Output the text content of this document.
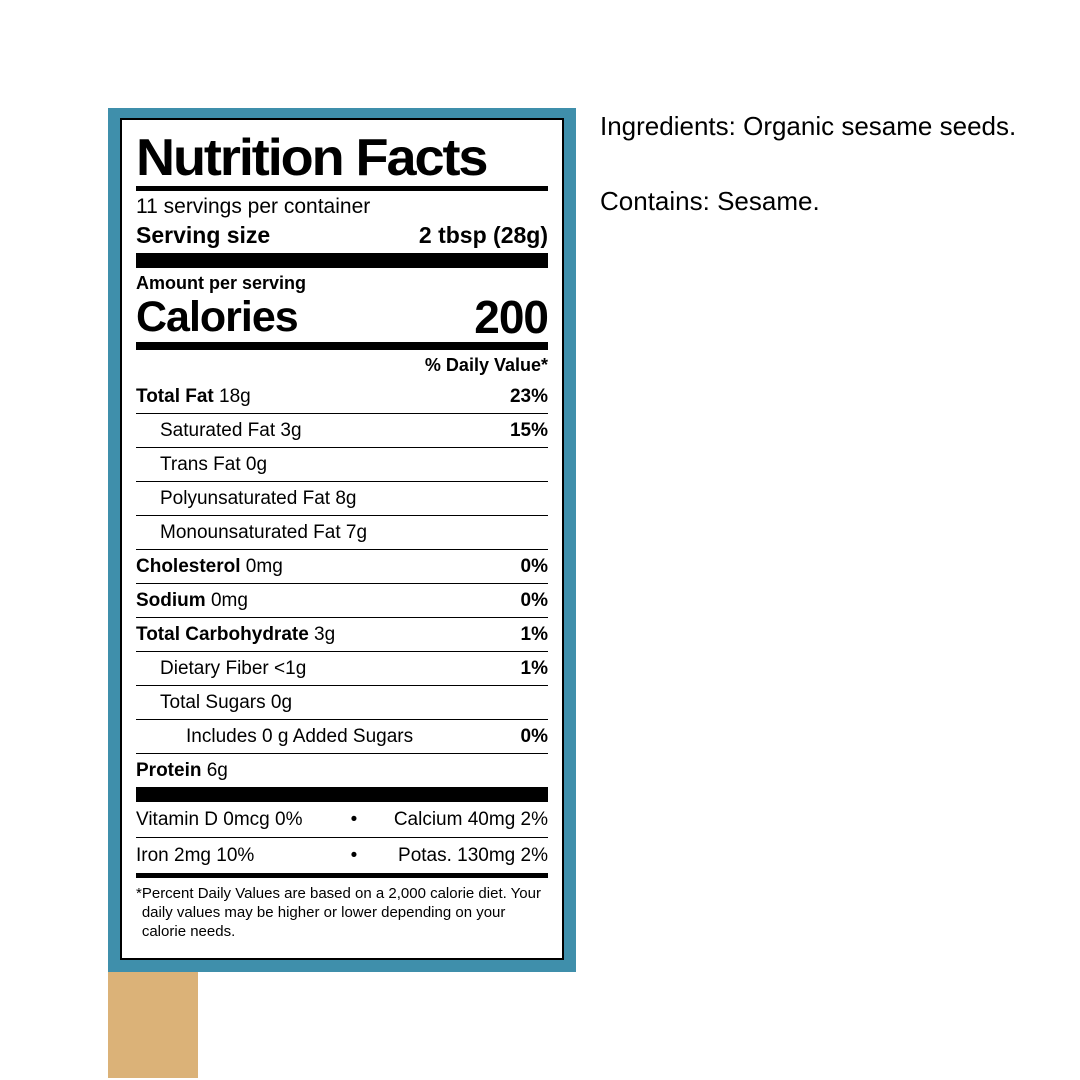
Nutrition Facts
11 servings per container
Serving size	2 tbsp (28g)
Amount per serving
Calories	200
% Daily Value*
Total Fat 18g	23%
Saturated Fat 3g	15%
Trans Fat 0g
Polyunsaturated Fat 8g
Monounsaturated Fat 7g
Cholesterol 0mg	0%
Sodium 0mg	0%
Total Carbohydrate 3g	1%
Dietary Fiber <1g	1%
Total Sugars 0g
Includes 0 g Added Sugars	0%
Protein 6g
Vitamin D 0mcg 0%	•	Calcium 40mg 2%
Iron 2mg 10%	•	Potas. 130mg 2%
* Percent Daily Values are based on a 2,000 calorie diet. Your daily values may be higher or lower depending on your calorie needs.

Ingredients: Organic sesame seeds.

Contains: Sesame.
